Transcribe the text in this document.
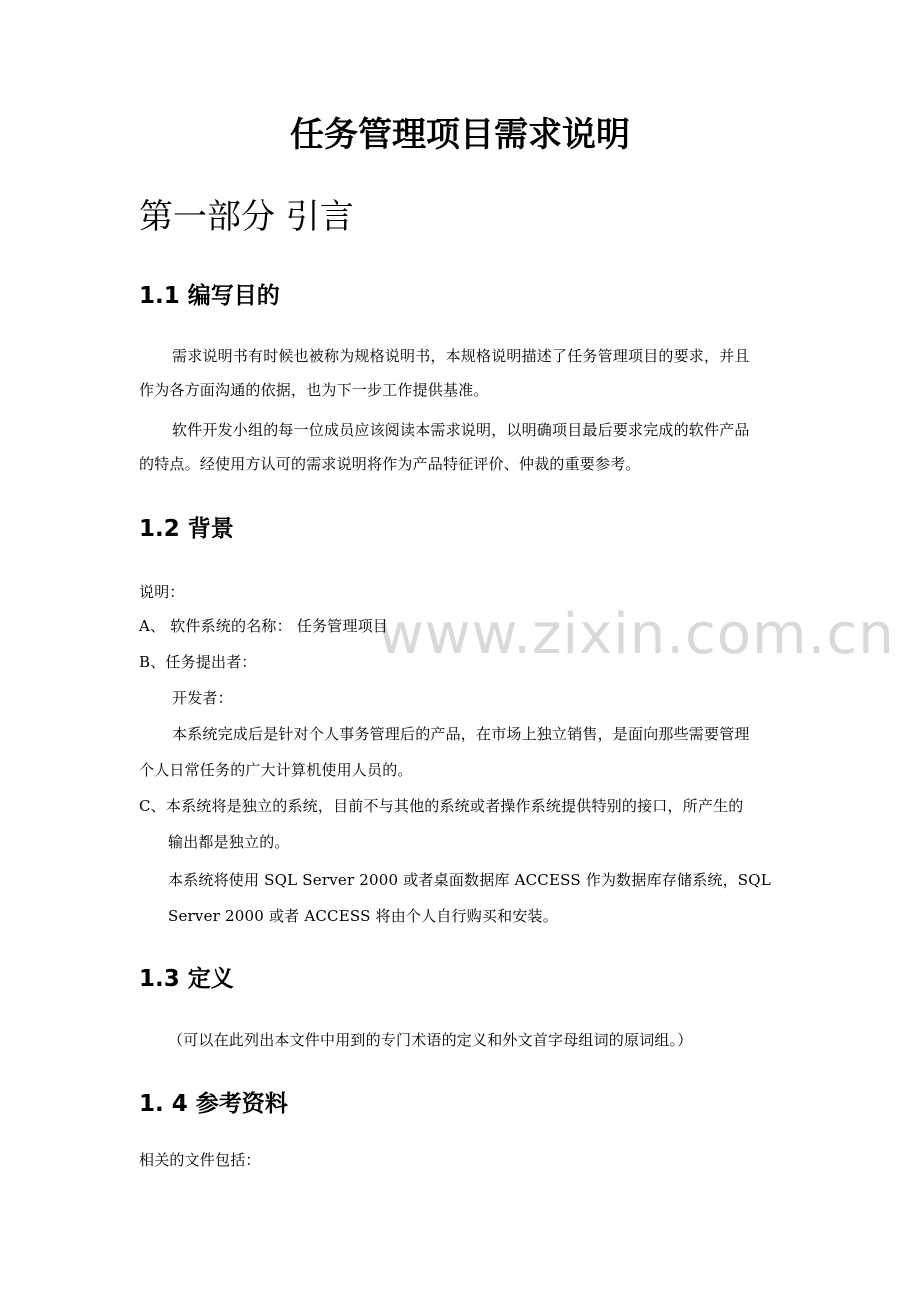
www.zixin.com.cn
任务管理项目需求说明
第一部分 引言
1.1 编写目的
需求说明书有时候也被称为规格说明书，本规格说明描述了任务管理项目的要求，并且
作为各方面沟通的依据，也为下一步工作提供基准。
软件开发小组的每一位成员应该阅读本需求说明，以明确项目最后要求完成的软件产品
的特点。经使用方认可的需求说明将作为产品特征评价、仲裁的重要参考。
1.2 背景
说明：
A、 软件系统的名称： 任务管理项目
B、任务提出者：
开发者：
本系统完成后是针对个人事务管理后的产品，在市场上独立销售，是面向那些需要管理
个人日常任务的广大计算机使用人员的。
C、本系统将是独立的系统，目前不与其他的系统或者操作系统提供特别的接口，所产生的
输出都是独立的。
本系统将使用 SQL Server 2000 或者桌面数据库 ACCESS 作为数据库存储系统，SQL
Server 2000 或者 ACCESS 将由个人自行购买和安装。
1.3 定义
（可以在此列出本文件中用到的专门术语的定义和外文首字母组词的原词组。）
1. 4 参考资料
相关的文件包括：
